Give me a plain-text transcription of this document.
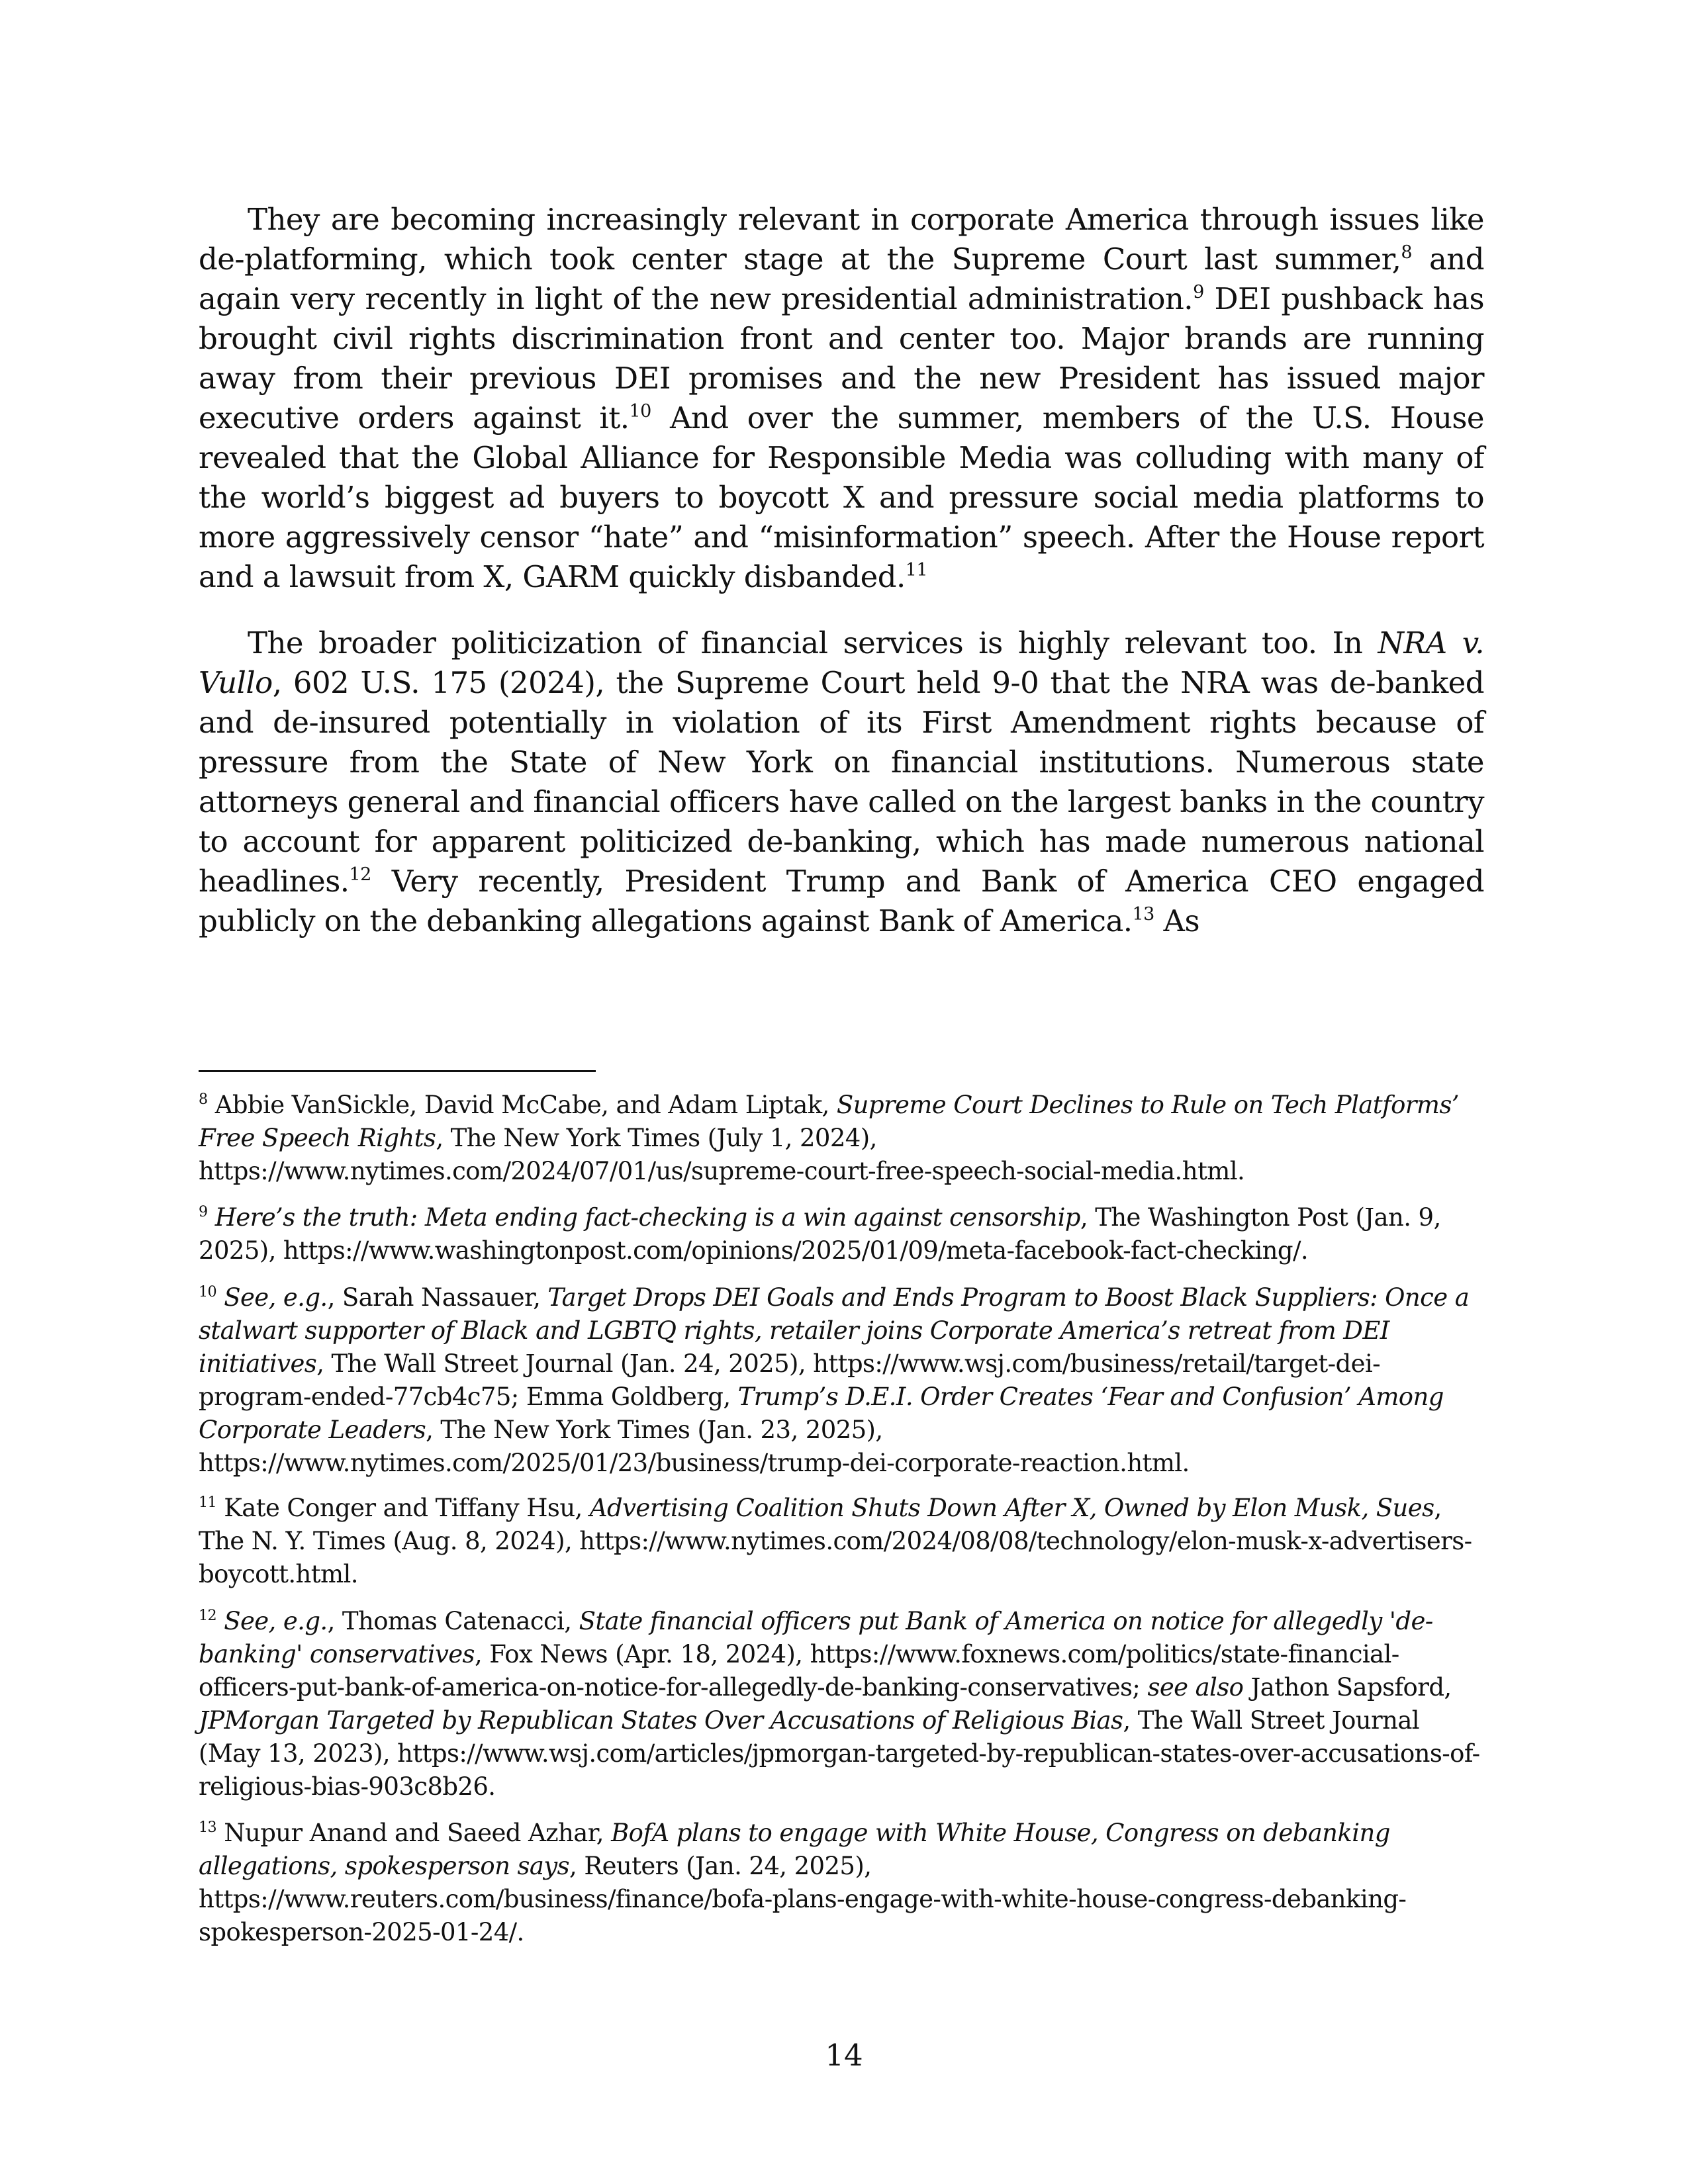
They are becoming increasingly relevant in corporate America through issues like de-platforming, which took center stage at the Supreme Court last summer,$^8$ and again very recently in light of the new presidential administration.$^9$ DEI pushback has brought civil rights discrimination front and center too. Major brands are running away from their previous DEI promises and the new President has issued major executive orders against it.$^{10}$ And over the summer, members of the U.S. House revealed that the Global Alliance for Responsible Media was colluding with many of the world’s biggest ad buyers to boycott X and pressure social media platforms to more aggressively censor “hate” and “misinformation” speech. After the House report and a lawsuit from X, GARM quickly disbanded.$^{11}$

The broader politicization of financial services is highly relevant too. In NRA v. Vullo, 602 U.S. 175 (2024), the Supreme Court held 9-0 that the NRA was de-banked and de-insured potentially in violation of its First Amendment rights because of pressure from the State of New York on financial institutions. Numerous state attorneys general and financial officers have called on the largest banks in the country to account for apparent politicized de-banking, which has made numerous national headlines.$^{12}$ Very recently, President Trump and Bank of America CEO engaged publicly on the debanking allegations against Bank of America.$^{13}$ As

$^8$ Abbie VanSickle, David McCabe, and Adam Liptak, Supreme Court Declines to Rule on Tech Platforms’ Free Speech Rights, The New York Times (July 1, 2024),
https://www.nytimes.com/2024/07/01/us/supreme-court-free-speech-social-media.html.

$^9$ Here’s the truth: Meta ending fact-checking is a win against censorship, The Washington Post (Jan. 9, 2025), https://www.washingtonpost.com/opinions/2025/01/09/meta-facebook-fact-checking/.

$^{10}$ See, e.g., Sarah Nassauer, Target Drops DEI Goals and Ends Program to Boost Black Suppliers: Once a stalwart supporter of Black and LGBTQ rights, retailer joins Corporate America’s retreat from DEI initiatives, The Wall Street Journal (Jan. 24, 2025), https://www.wsj.com/business/retail/target-dei-program-ended-77cb4c75; Emma Goldberg, Trump’s D.E.I. Order Creates ‘Fear and Confusion’ Among Corporate Leaders, The New York Times (Jan. 23, 2025),
https://www.nytimes.com/2025/01/23/business/trump-dei-corporate-reaction.html.

$^{11}$ Kate Conger and Tiffany Hsu, Advertising Coalition Shuts Down After X, Owned by Elon Musk, Sues, The N. Y. Times (Aug. 8, 2024), https://www.nytimes.com/2024/08/08/technology/elon-musk-x-advertisers-boycott.html.

$^{12}$ See, e.g., Thomas Catenacci, State financial officers put Bank of America on notice for allegedly 'de-banking' conservatives, Fox News (Apr. 18, 2024), https://www.foxnews.com/politics/state-financial-officers-put-bank-of-america-on-notice-for-allegedly-de-banking-conservatives; see also Jathon Sapsford, JPMorgan Targeted by Republican States Over Accusations of Religious Bias, The Wall Street Journal (May 13, 2023), https://www.wsj.com/articles/jpmorgan-targeted-by-republican-states-over-accusations-of-religious-bias-903c8b26.

$^{13}$ Nupur Anand and Saeed Azhar, BofA plans to engage with White House, Congress on debanking allegations, spokesperson says, Reuters (Jan. 24, 2025),
https://www.reuters.com/business/finance/bofa-plans-engage-with-white-house-congress-debanking-spokesperson-2025-01-24/.

14
